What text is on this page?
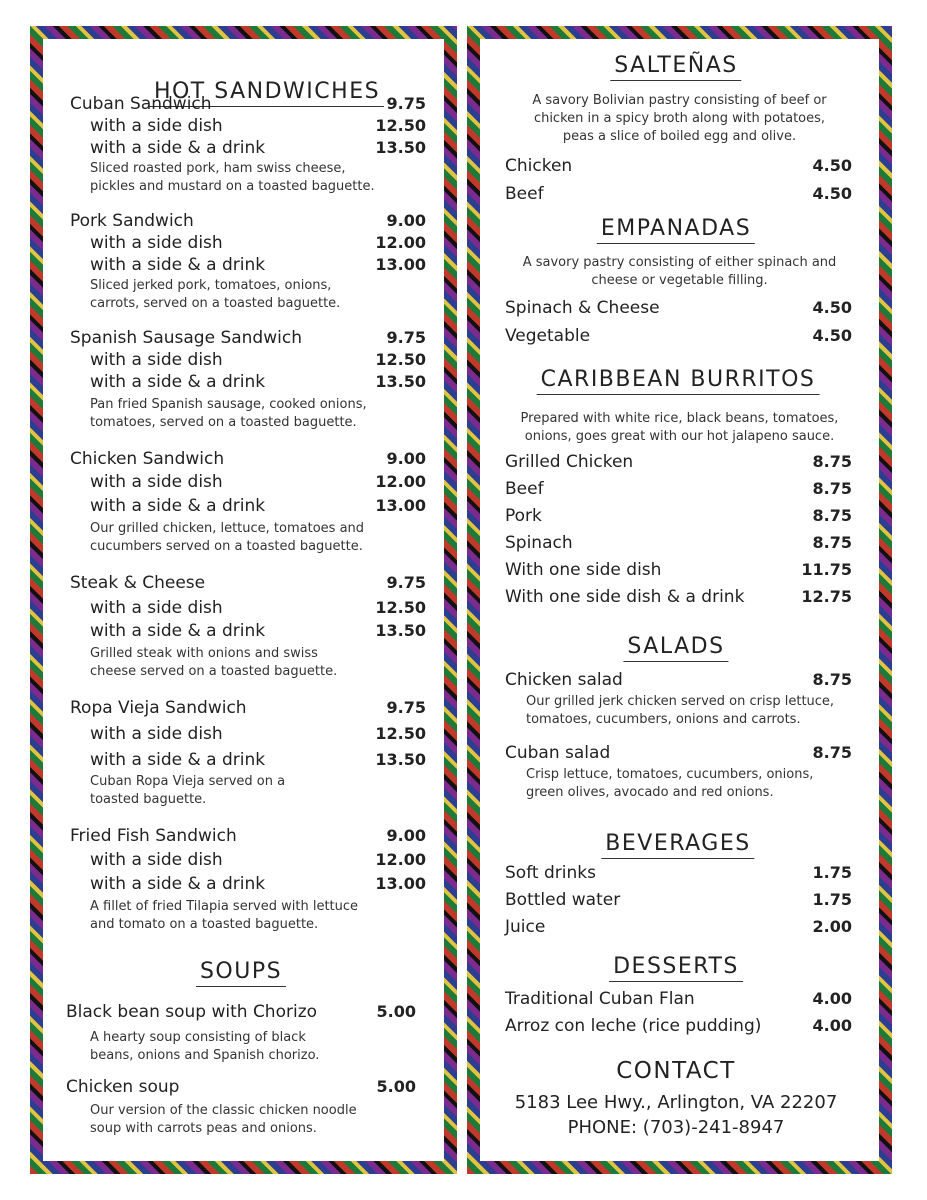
HOT SANDWICHES
Cuban Sandwich	9.75
with a side dish	12.50
with a side & a drink	13.50
Sliced roasted pork, ham swiss cheese,
pickles and mustard on a toasted baguette.
Pork Sandwich	9.00
with a side dish	12.00
with a side & a drink	13.00
Sliced jerked pork, tomatoes, onions,
carrots, served on a toasted baguette.
Spanish Sausage Sandwich	9.75
with a side dish	12.50
with a side & a drink	13.50
Pan fried Spanish sausage, cooked onions,
tomatoes, served on a toasted baguette.
Chicken Sandwich	9.00
with a side dish	12.00
with a side & a drink	13.00
Our grilled chicken, lettuce, tomatoes and
cucumbers served on a toasted baguette.
Steak & Cheese	9.75
with a side dish	12.50
with a side & a drink	13.50
Grilled steak with onions and swiss
cheese served on a toasted baguette.
Ropa Vieja Sandwich	9.75
with a side dish	12.50
with a side & a drink	13.50
Cuban Ropa Vieja served on a
toasted baguette.
Fried Fish Sandwich	9.00
with a side dish	12.00
with a side & a drink	13.00
A fillet of fried Tilapia served with lettuce
and tomato on a toasted baguette.
SOUPS
Black bean soup with Chorizo	5.00
A hearty soup consisting of black
beans, onions and Spanish chorizo.
Chicken soup	5.00
Our version of the classic chicken noodle
soup with carrots peas and onions.
SALTEÑAS
A savory Bolivian pastry consisting of beef or
chicken in a spicy broth along with potatoes,
peas a slice of boiled egg and olive.
Chicken	4.50
Beef	4.50
EMPANADAS
A savory pastry consisting of either spinach and
cheese or vegetable filling.
Spinach & Cheese	4.50
Vegetable	4.50
CARIBBEAN BURRITOS
Prepared with white rice, black beans, tomatoes,
onions, goes great with our hot jalapeno sauce.
Grilled Chicken	8.75
Beef	8.75
Pork	8.75
Spinach	8.75
With one side dish	11.75
With one side dish & a drink	12.75
SALADS
Chicken salad	8.75
Our grilled jerk chicken served on crisp lettuce,
tomatoes, cucumbers, onions and carrots.
Cuban salad	8.75
Crisp lettuce, tomatoes, cucumbers, onions,
green olives, avocado and red onions.
BEVERAGES
Soft drinks	1.75
Bottled water	1.75
Juice	2.00
DESSERTS
Traditional Cuban Flan	4.00
Arroz con leche (rice pudding)	4.00
CONTACT
5183 Lee Hwy., Arlington, VA 22207
PHONE: (703)-241-8947
